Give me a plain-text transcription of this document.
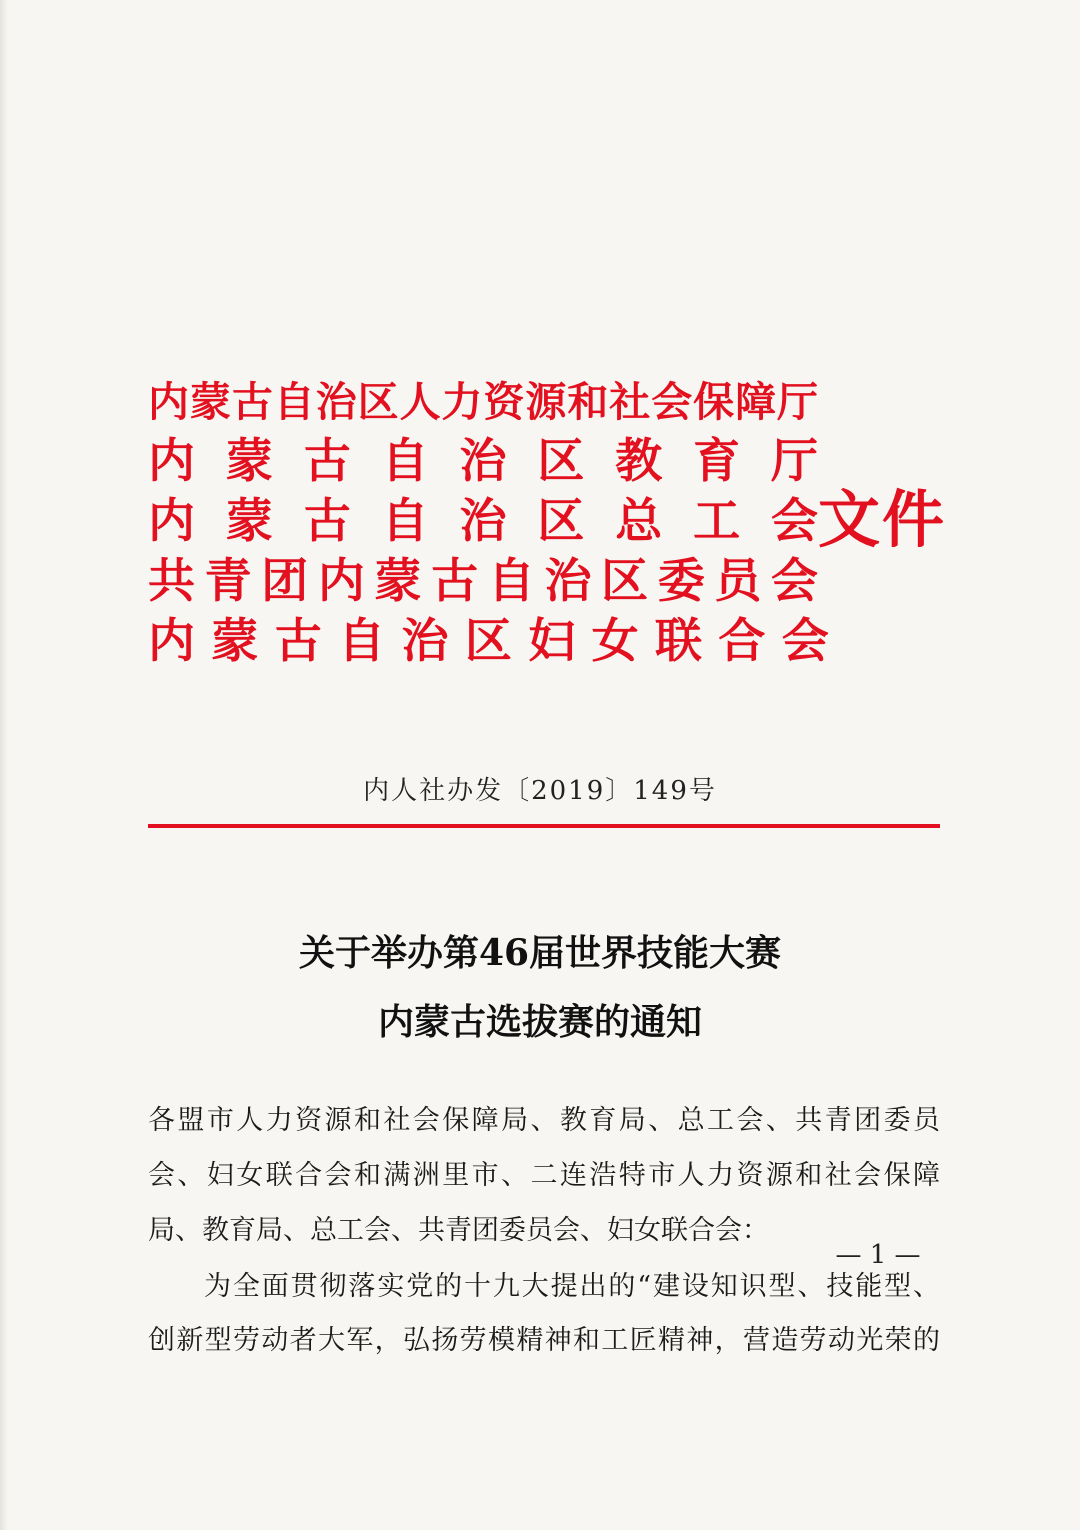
内蒙古自治区人力资源和社会保障厅
内 蒙 古 自 治 区 教 育 厅
内 蒙 古 自 治 区 总 工 会
共青团内蒙古自治区委员会
内 蒙 古 自 治 区 妇 女 联 合 会
文件
内人社办发〔2019〕149号
关于举办第46届世界技能大赛
内蒙古选拔赛的通知
各盟市人力资源和社会保障局、教育局、总工会、共青团委员
会、妇女联合会和满洲里市、二连浩特市人力资源和社会保障
局、教育局、总工会、共青团委员会、妇女联合会：
为全面贯彻落实党的十九大提出的“建设知识型、技能型、
创新型劳动者大军，弘扬劳模精神和工匠精神，营造劳动光荣的
— 1 —
